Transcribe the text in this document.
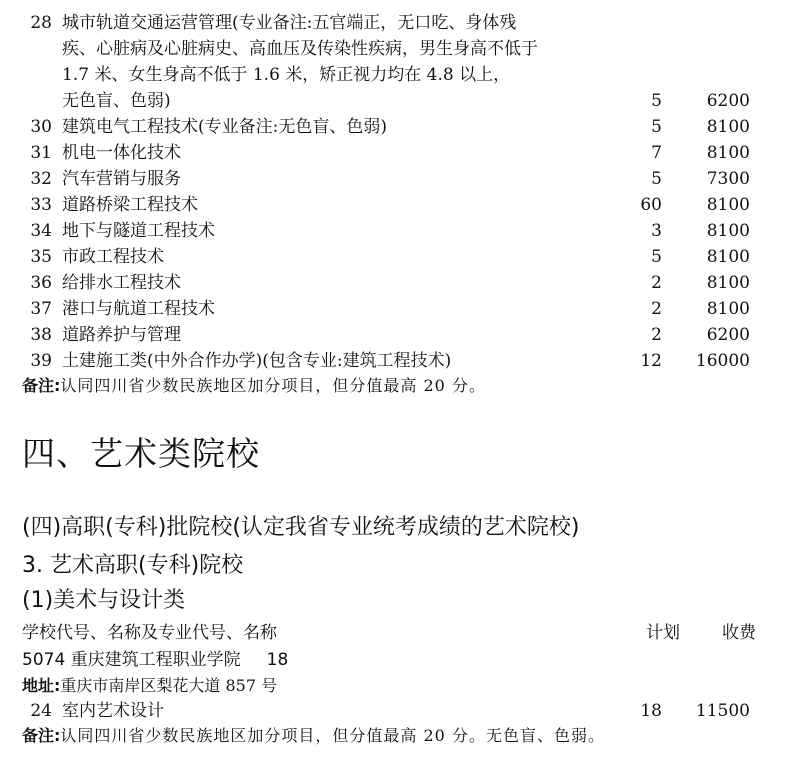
28 城市轨道交通运营管理(专业备注:五官端正，无口吃、身体残
疾、心脏病及心脏病史、高血压及传染性疾病，男生身高不低于
1.7 米、女生身高不低于 1.6 米，矫正视力均在 4.8 以上，
无色盲、色弱)	5	6200
30 建筑电气工程技术(专业备注:无色盲、色弱)	5	8100
31 机电一体化技术	7	8100
32 汽车营销与服务	5	7300
33 道路桥梁工程技术	60	8100
34 地下与隧道工程技术	3	8100
35 市政工程技术	5	8100
36 给排水工程技术	2	8100
37 港口与航道工程技术	2	8100
38 道路养护与管理	2	6200
39 土建施工类(中外合作办学)(包含专业:建筑工程技术)	12	16000
备注:认同四川省少数民族地区加分项目，但分值最高 20 分。
四、艺术类院校
(四)高职(专科)批院校(认定我省专业统考成绩的艺术院校)
3. 艺术高职(专科)院校
(1)美术与设计类
学校代号、名称及专业代号、名称	计划 收费
5074 重庆建筑工程职业学院 18
地址:重庆市南岸区梨花大道 857 号
24 室内艺术设计	18	11500
备注:认同四川省少数民族地区加分项目，但分值最高 20 分。无色盲、色弱。
